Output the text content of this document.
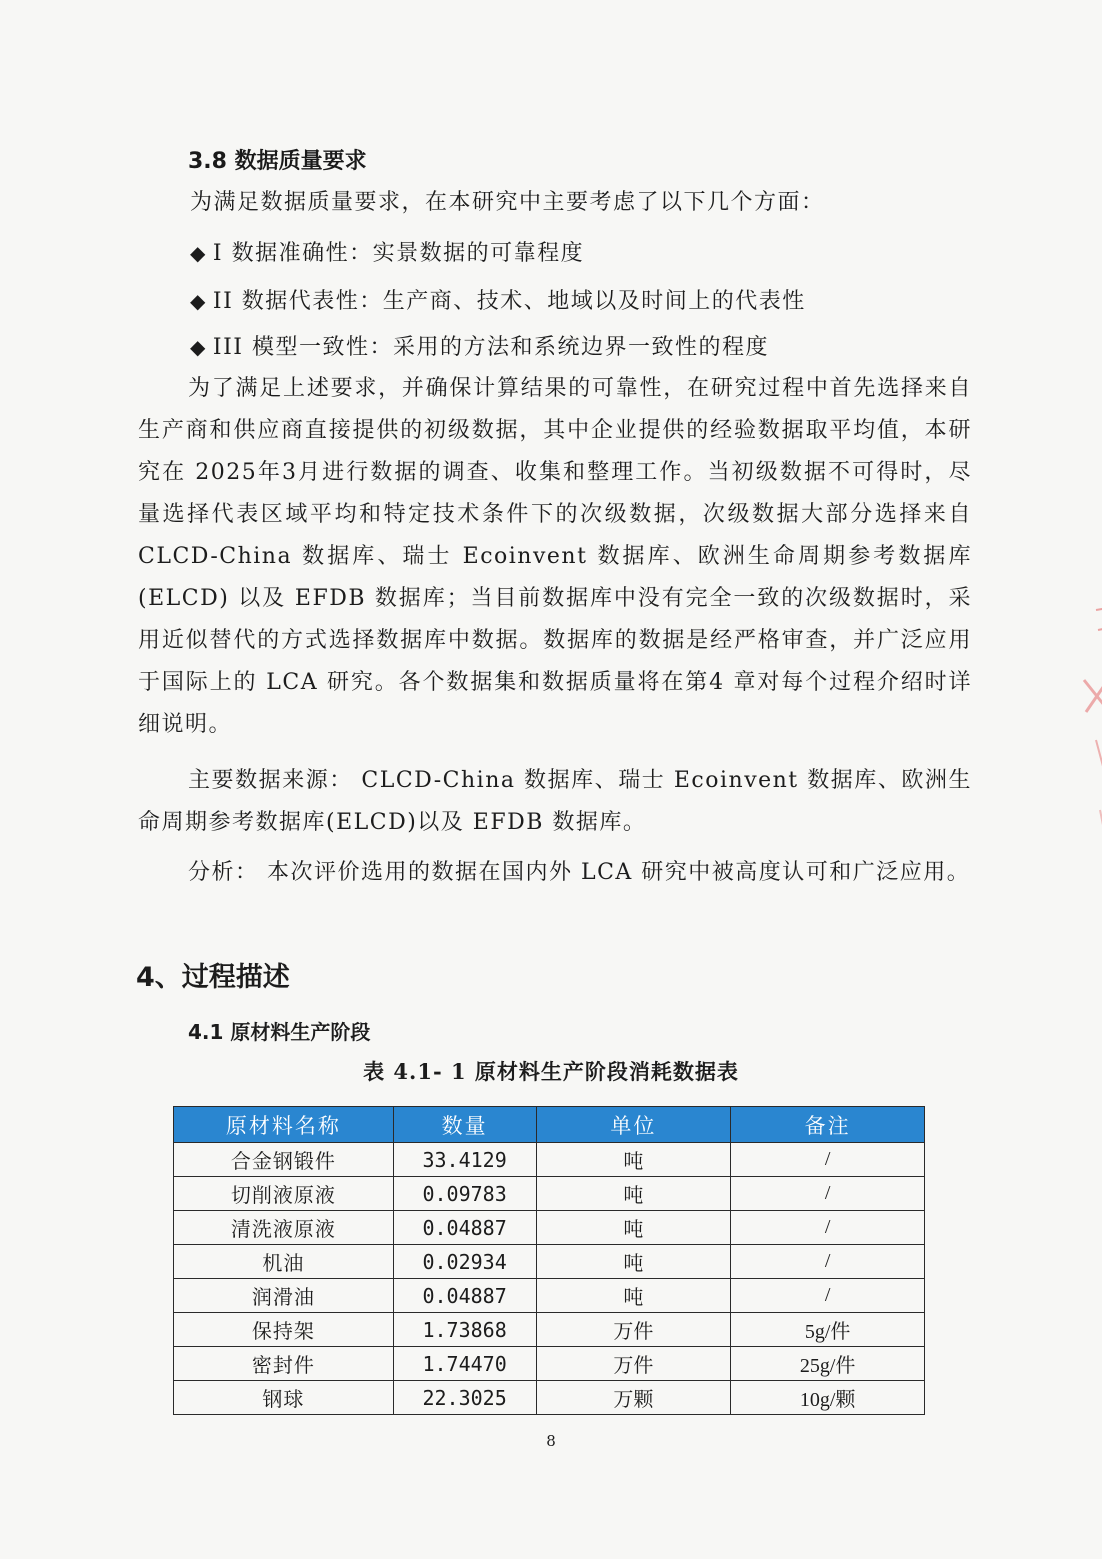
3.8 数据质量要求

为满足数据质量要求，在本研究中主要考虑了以下几个方面：

◆ I 数据准确性：实景数据的可靠程度
◆ II 数据代表性：生产商、技术、地域以及时间上的代表性
◆ III 模型一致性：采用的方法和系统边界一致性的程度

为了满足上述要求，并确保计算结果的可靠性，在研究过程中首先选择来自生产商和供应商直接提供的初级数据，其中企业提供的经验数据取平均值，本研究在 2025年3月进行数据的调查、收集和整理工作。当初级数据不可得时，尽量选择代表区域平均和特定技术条件下的次级数据，次级数据大部分选择来自 CLCD-China 数据库、瑞士 Ecoinvent 数据库、欧洲生命周期参考数据库(ELCD) 以及 EFDB 数据库；当目前数据库中没有完全一致的次级数据时，采用近似替代的方式选择数据库中数据。数据库的数据是经严格审查，并广泛应用于国际上的 LCA 研究。各个数据集和数据质量将在第4 章对每个过程介绍时详细说明。

主要数据来源： CLCD-China 数据库、瑞士 Ecoinvent 数据库、欧洲生命周期参考数据库(ELCD)以及 EFDB 数据库。

分析： 本次评价选用的数据在国内外 LCA 研究中被高度认可和广泛应用。

4、过程描述
4.1 原材料生产阶段
表 4.1- 1 原材料生产阶段消耗数据表
原材料名称	数量	单位	备注
合金钢锻件	33.4129	吨	/
切削液原液	0.09783	吨	/
清洗液原液	0.04887	吨	/
机油	0.02934	吨	/
润滑油	0.04887	吨	/
保持架	1.73868	万件	5g/件
密封件	1.74470	万件	25g/件
钢球	22.3025	万颗	10g/颗
8
